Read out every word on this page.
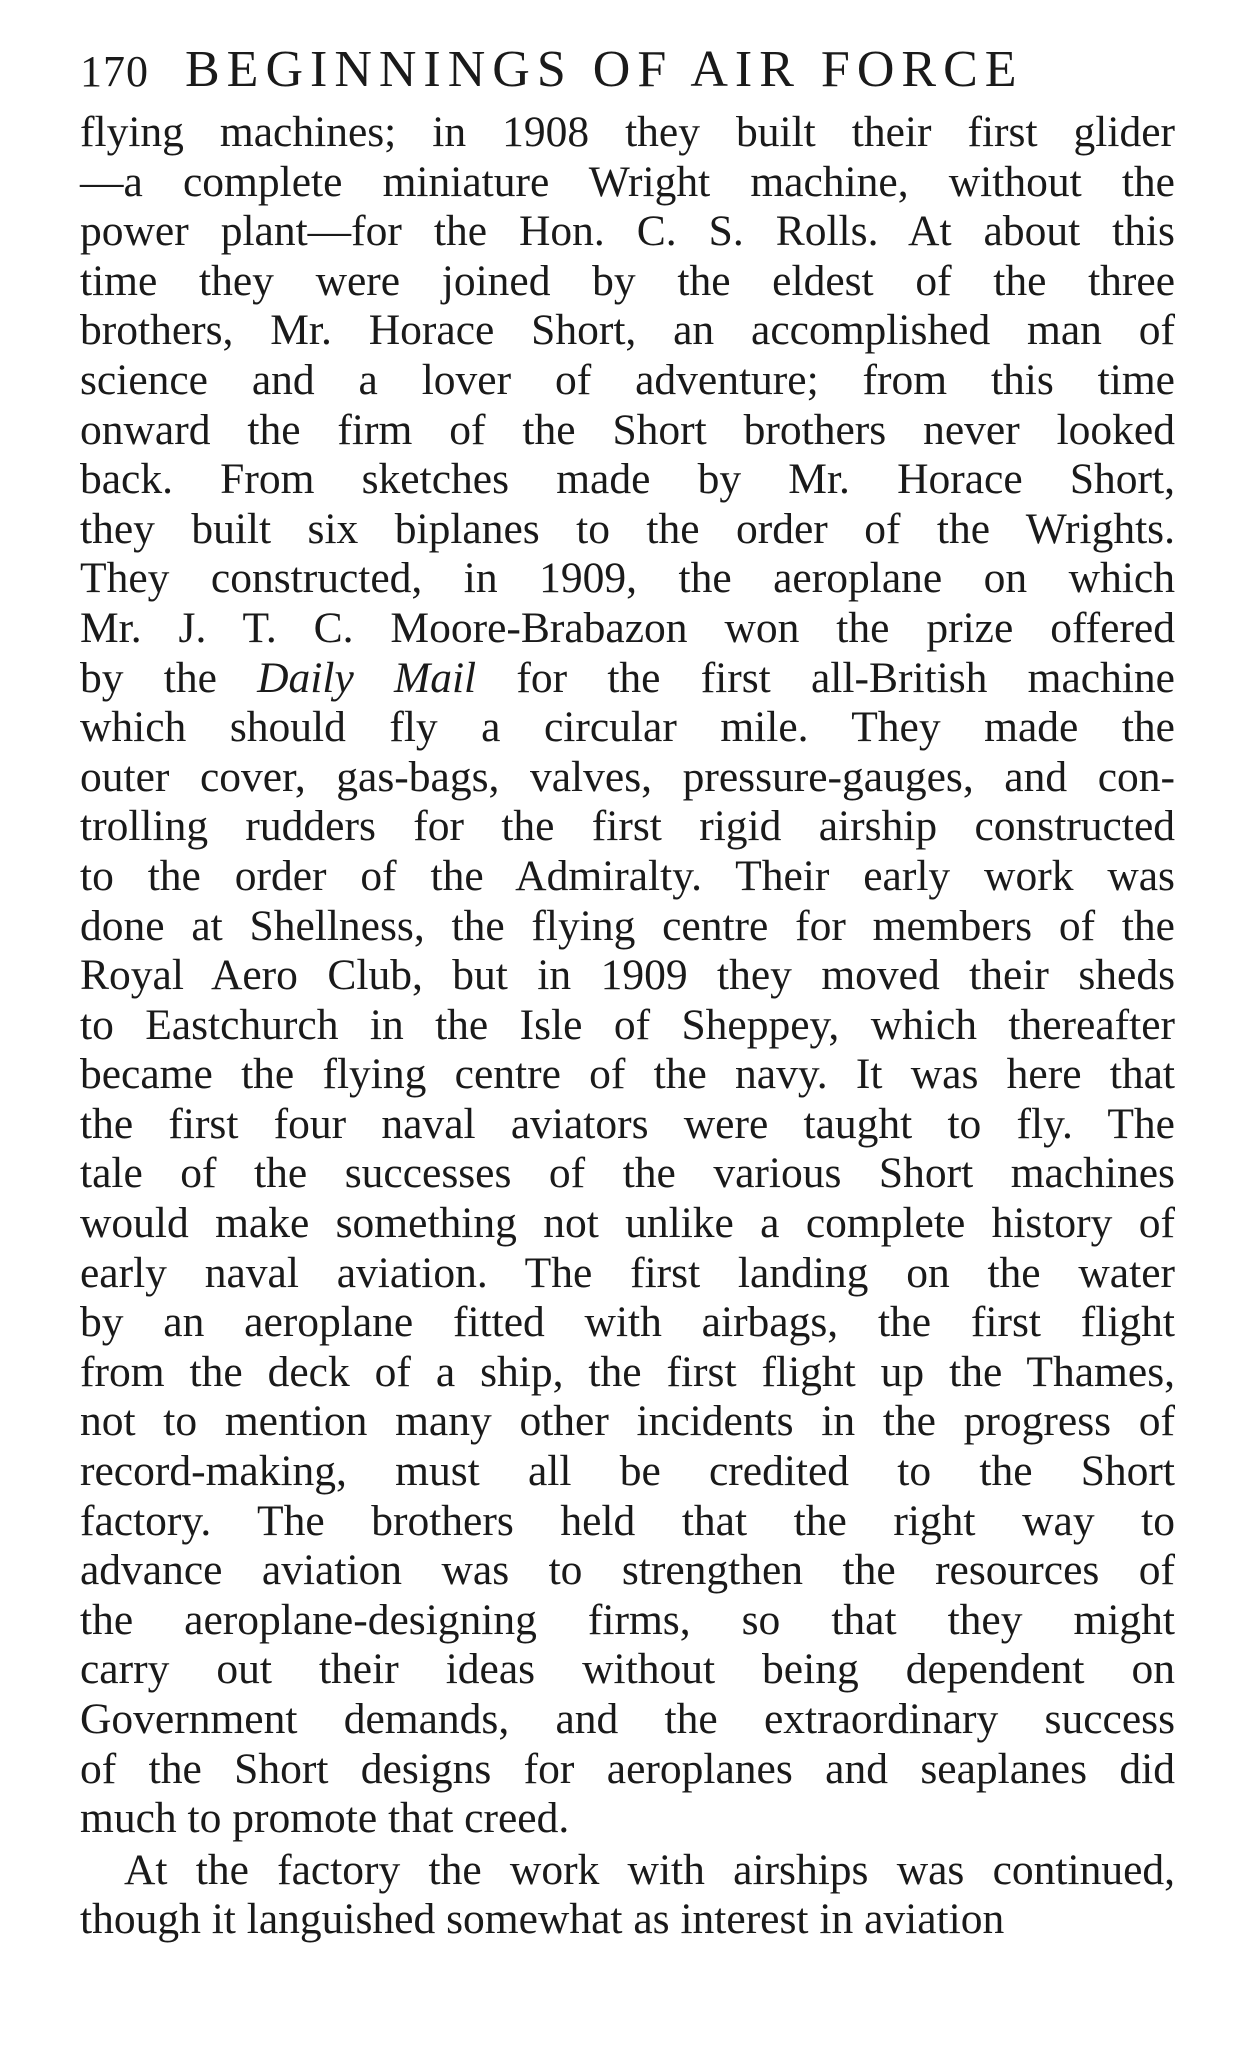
170 BEGINNINGS OF AIR FORCE
flying machines; in 1908 they built their first glider
—a complete miniature Wright machine, without the
power plant—for the Hon. C. S. Rolls. At about this
time they were joined by the eldest of the three
brothers, Mr. Horace Short, an accomplished man of
science and a lover of adventure; from this time
onward the firm of the Short brothers never looked
back. From sketches made by Mr. Horace Short,
they built six biplanes to the order of the Wrights.
They constructed, in 1909, the aeroplane on which
Mr. J. T. C. Moore-Brabazon won the prize offered
by the Daily Mail for the first all-British machine
which should fly a circular mile. They made the
outer cover, gas-bags, valves, pressure-gauges, and con-
trolling rudders for the first rigid airship constructed
to the order of the Admiralty. Their early work was
done at Shellness, the flying centre for members of the
Royal Aero Club, but in 1909 they moved their sheds
to Eastchurch in the Isle of Sheppey, which thereafter
became the flying centre of the navy. It was here that
the first four naval aviators were taught to fly. The
tale of the successes of the various Short machines
would make something not unlike a complete history of
early naval aviation. The first landing on the water
by an aeroplane fitted with airbags, the first flight
from the deck of a ship, the first flight up the Thames,
not to mention many other incidents in the progress of
record-making, must all be credited to the Short
factory. The brothers held that the right way to
advance aviation was to strengthen the resources of
the aeroplane-designing firms, so that they might
carry out their ideas without being dependent on
Government demands, and the extraordinary success
of the Short designs for aeroplanes and seaplanes did
much to promote that creed.
At the factory the work with airships was continued,
though it languished somewhat as interest in aviation
